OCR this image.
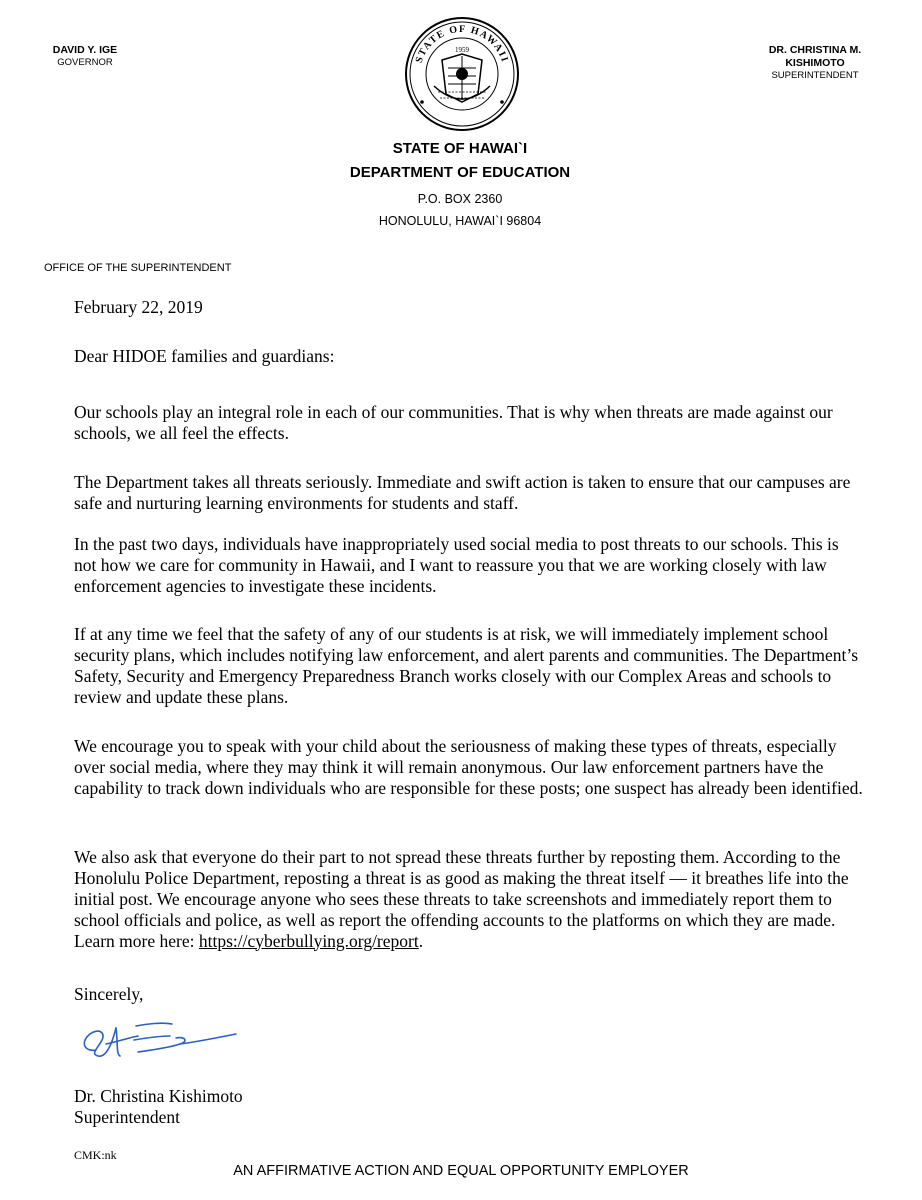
DAVID Y. IGE
GOVERNOR
DR. CHRISTINA M. KISHIMOTO
SUPERINTENDENT
STATE OF HAWAII
1959
STATE OF HAWAI`I
DEPARTMENT OF EDUCATION
P.O. BOX 2360
HONOLULU, HAWAI`I 96804
OFFICE OF THE SUPERINTENDENT
February 22, 2019
Dear HIDOE families and guardians:

Our schools play an integral role in each of our communities. That is why when threats are made against our schools, we all feel the effects.

The Department takes all threats seriously. Immediate and swift action is taken to ensure that our campuses are safe and nurturing learning environments for students and staff.

In the past two days, individuals have inappropriately used social media to post threats to our schools. This is not how we care for community in Hawaii, and I want to reassure you that we are working closely with law enforcement agencies to investigate these incidents.

If at any time we feel that the safety of any of our students is at risk, we will immediately implement school security plans, which includes notifying law enforcement, and alert parents and communities. The Department’s Safety, Security and Emergency Preparedness Branch works closely with our Complex Areas and schools to review and update these plans.

We encourage you to speak with your child about the seriousness of making these types of threats, especially over social media, where they may think it will remain anonymous. Our law enforcement partners have the capability to track down individuals who are responsible for these posts; one suspect has already been identified.

We also ask that everyone do their part to not spread these threats further by reposting them. According to the Honolulu Police Department, reposting a threat is as good as making the threat itself — it breathes life into the initial post. We encourage anyone who sees these threats to take screenshots and immediately report them to school officials and police, as well as report the offending accounts to the platforms on which they are made. Learn more here: https://cyberbullying.org/report.

Sincerely,
Dr. Christina Kishimoto
Superintendent
CMK:nk
AN AFFIRMATIVE ACTION AND EQUAL OPPORTUNITY EMPLOYER
